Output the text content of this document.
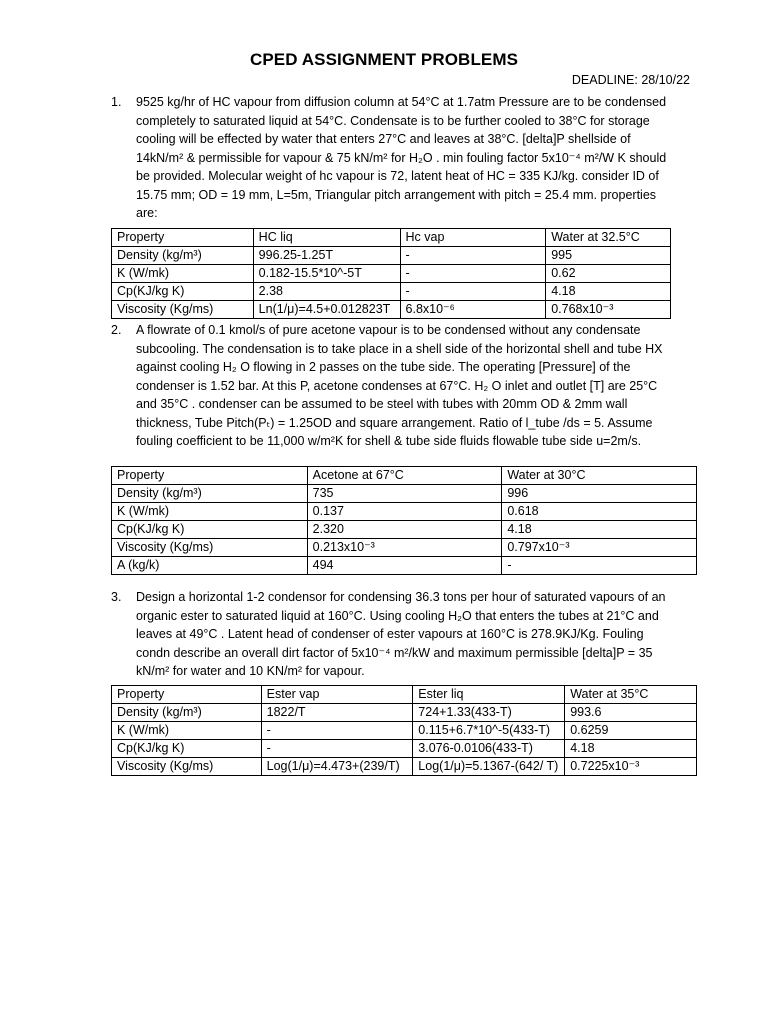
CPED ASSIGNMENT PROBLEMS
DEADLINE: 28/10/22
1.	9525 kg/hr of HC vapour from diffusion column at 54°C at 1.7atm Pressure are to be condensed completely to saturated liquid at 54°C. Condensate is to be further cooled to 38°C for storage cooling will be effected by water that enters 27°C and leaves at 38°C. [delta]P shellside of 14kN/m² & permissible for vapour & 75 kN/m² for H₂O . min fouling factor 5x10⁻⁴ m²/W K should be provided. Molecular weight of hc vapour is 72, latent heat of HC = 335 KJ/kg. consider ID of 15.75 mm; OD = 19 mm, L=5m, Triangular pitch arrangement with pitch = 25.4 mm. properties are:
Property	HC liq	Hc vap	Water at 32.5°C
Density (kg/m³)	996.25-1.25T	-	995
K (W/mk)	0.182-15.5*10^-5T	-	0.62
Cp(KJ/kg K)	2.38	-	4.18
Viscosity (Kg/ms)	Ln(1/μ)=4.5+0.012823T	6.8x10⁻⁶	0.768x10⁻³
2.	A flowrate of 0.1 kmol/s of pure acetone vapour is to be condensed without any condensate subcooling. The condensation is to take place in a shell side of the horizontal shell and tube HX against cooling H₂ O flowing in 2 passes on the tube side. The operating [Pressure] of the condenser is 1.52 bar. At this P, acetone condenses at 67°C. H₂ O inlet and outlet [T] are 25°C and 35°C . condenser can be assumed to be steel with tubes with 20mm OD & 2mm wall thickness, Tube Pitch(Pₜ) = 1.25OD and square arrangement. Ratio of l_tube /ds = 5. Assume fouling coefficient to be 11,000 w/m²K for shell & tube side fluids flowable tube side u=2m/s.
Property	Acetone at 67°C	Water at 30°C
Density (kg/m³)	735	996
K (W/mk)	0.137	0.618
Cp(KJ/kg K)	2.320	4.18
Viscosity (Kg/ms)	0.213x10⁻³	0.797x10⁻³
A (kg/k)	494	-
3.	Design a horizontal 1-2 condensor for condensing 36.3 tons per hour of saturated vapours of an organic ester to saturated liquid at 160°C. Using cooling H₂O that enters the tubes at 21°C and leaves at 49°C . Latent head of condenser of ester vapours at 160°C is 278.9KJ/Kg. Fouling condn describe an overall dirt factor of 5x10⁻⁴ m²/kW and maximum permissible [delta]P = 35 kN/m² for water and 10 KN/m² for vapour.
Property	Ester vap	Ester liq	Water at 35°C
Density (kg/m³)	1822/T	724+1.33(433-T)	993.6
K (W/mk)	-	0.115+6.7*10^-5(433-T)	0.6259
Cp(KJ/kg K)	-	3.076-0.0106(433-T)	4.18
Viscosity (Kg/ms)	Log(1/μ)=4.473+(239/T)	Log(1/μ)=5.1367-(642/ T)	0.7225x10⁻³
